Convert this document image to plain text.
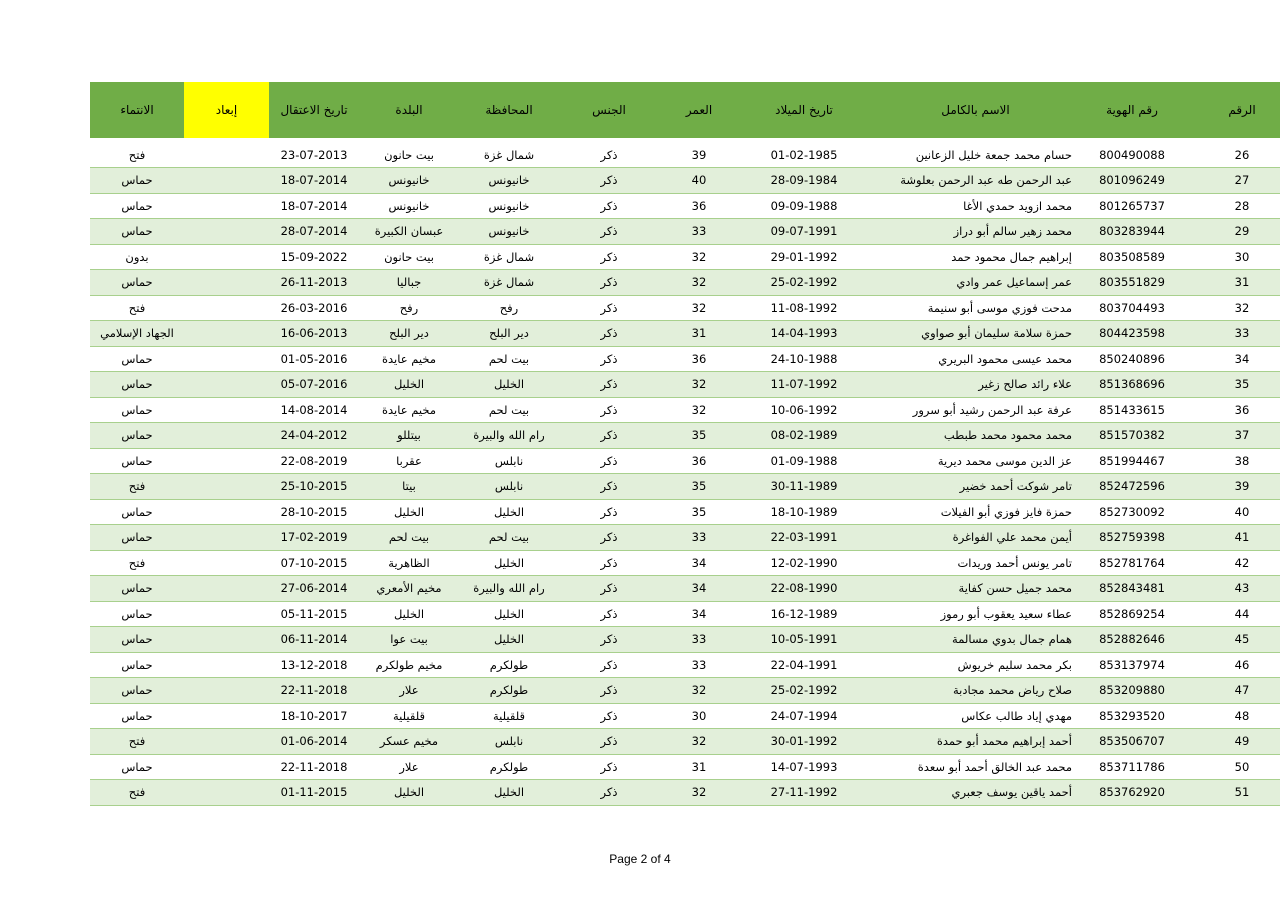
الانتماء	إبعاد	تاريخ الاعتقال	البلدة	المحافظة	الجنس	العمر	تاريخ الميلاد	الاسم بالكامل	رقم الهوية	الرقم

فتح		23-07-2013	بيت حانون	شمال غزة	ذكر	39	01-02-1985	حسام محمد جمعة خليل الزعانين	800490088	26
حماس		18-07-2014	خانيونس	خانيونس	ذكر	40	28-09-1984	عبد الرحمن طه عبد الرحمن بعلوشة	801096249	27
حماس		18-07-2014	خانيونس	خانيونس	ذكر	36	09-09-1988	محمد ازويد حمدي الأغا	801265737	28
حماس		28-07-2014	عبسان الكبيرة	خانيونس	ذكر	33	09-07-1991	محمد زهير سالم أبو دراز	803283944	29
بدون		15-09-2022	بيت حانون	شمال غزة	ذكر	32	29-01-1992	إبراهيم جمال محمود حمد	803508589	30
حماس		26-11-2013	جباليا	شمال غزة	ذكر	32	25-02-1992	عمر إسماعيل عمر وادي	803551829	31
فتح		26-03-2016	رفح	رفح	ذكر	32	11-08-1992	مدحت فوزي موسى أبو سنيمة	803704493	32
الجهاد الإسلامي		16-06-2013	دير البلح	دير البلح	ذكر	31	14-04-1993	حمزة سلامة سليمان أبو صواوي	804423598	33
حماس		01-05-2016	مخيم عايدة	بيت لحم	ذكر	36	24-10-1988	محمد عيسى محمود البريري	850240896	34
حماس		05-07-2016	الخليل	الخليل	ذكر	32	11-07-1992	علاء رائد صالح زغير	851368696	35
حماس		14-08-2014	مخيم عايدة	بيت لحم	ذكر	32	10-06-1992	عرفة عبد الرحمن رشيد أبو سرور	851433615	36
حماس		24-04-2012	بيتللو	رام الله والبيرة	ذكر	35	08-02-1989	محمد محمود محمد طبطب	851570382	37
حماس		22-08-2019	عقربا	نابلس	ذكر	36	01-09-1988	عز الدين موسى محمد ديرية	851994467	38
فتح		25-10-2015	بيتا	نابلس	ذكر	35	30-11-1989	تامر شوكت أحمد خضير	852472596	39
حماس		28-10-2015	الخليل	الخليل	ذكر	35	18-10-1989	حمزة فايز فوزي أبو الفيلات	852730092	40
حماس		17-02-2019	بيت لحم	بيت لحم	ذكر	33	22-03-1991	أيمن محمد علي الفواغرة	852759398	41
فتح		07-10-2015	الظاهرية	الخليل	ذكر	34	12-02-1990	تامر يونس أحمد وريدات	852781764	42
حماس		27-06-2014	مخيم الأمعري	رام الله والبيرة	ذكر	34	22-08-1990	محمد جميل حسن كفاية	852843481	43
حماس		05-11-2015	الخليل	الخليل	ذكر	34	16-12-1989	عطاء سعيد يعقوب أبو رموز	852869254	44
حماس		06-11-2014	بيت عوا	الخليل	ذكر	33	10-05-1991	همام جمال بدوي مسالمة	852882646	45
حماس		13-12-2018	مخيم طولكرم	طولكرم	ذكر	33	22-04-1991	بكر محمد سليم خريوش	853137974	46
حماس		22-11-2018	علار	طولكرم	ذكر	32	25-02-1992	صلاح رياض محمد مجادبة	853209880	47
حماس		18-10-2017	قلقيلية	قلقيلية	ذكر	30	24-07-1994	مهدي إياد طالب عكاس	853293520	48
فتح		01-06-2014	مخيم عسكر	نابلس	ذكر	32	30-01-1992	أحمد إبراهيم محمد أبو حمدة	853506707	49
حماس		22-11-2018	علار	طولكرم	ذكر	31	14-07-1993	محمد عبد الخالق أحمد أبو سعدة	853711786	50
فتح		01-11-2015	الخليل	الخليل	ذكر	32	27-11-1992	أحمد ياقين يوسف جعبري	853762920	51
Page 2 of 4
